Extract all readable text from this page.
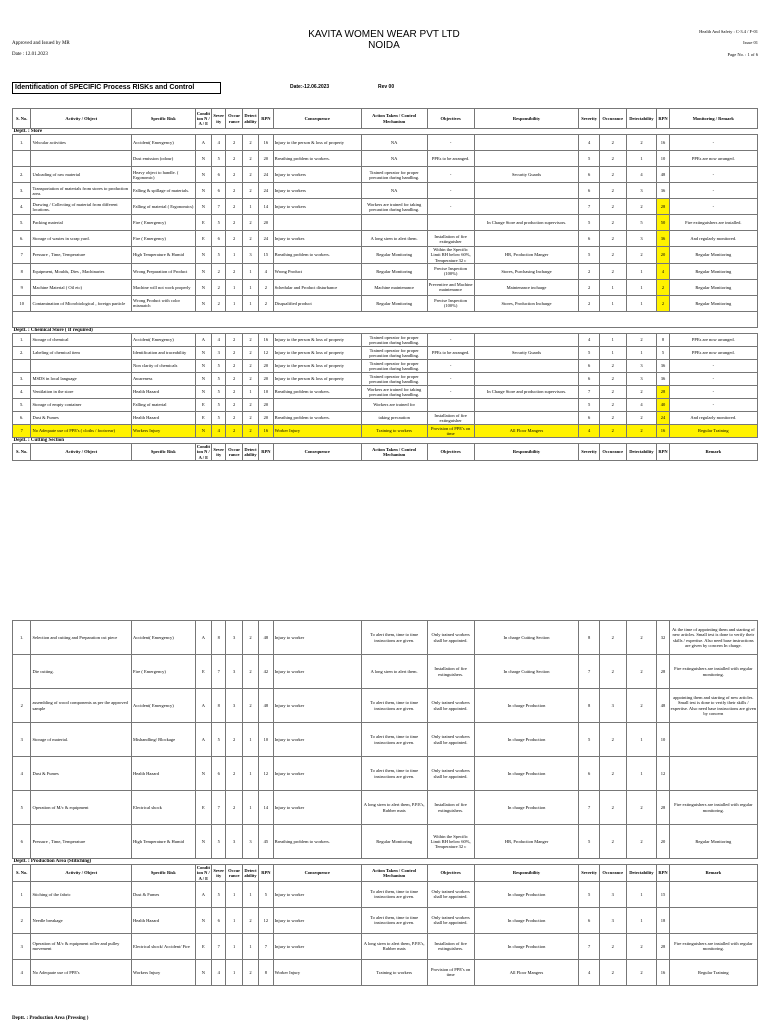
Approved and Issued by MR
Date : 12.01.2023
KAVITA WOMEN WEAR PVT LTD
NOIDA
Health And Safety : C-3.4 / F-01
Issue 01
Page No. : 1 of 6
Identification of SPECIFIC Process RISKs and Control	Date:-12.06.2023	Rev 00
S. No.	Activity / Object	Specific Risk	Condition N / A / E	Severity	Occurrance	Detectability	RPN	Consequence	Action Taken / Control Mechanism	Objectives	Responsibility	Severity	Occurance	Detectability	RPN	Monitoring / Remark
Deptt. : Store																
1.	Vehcular activities	Accident( Emergency)	A	4	2	2	16	Injury to the person & loss of property	NA	-		4	2	2	16	-
		Dust emission (odour)	N	5	2	2	20	Breathing problem to workers.	NA	PPEs to be arranged.		5	2	1	10	PPEs are now arranged.
2.	Unloading of raw material	Heavy object to handle. ( Ergonomic)	N	6	2	2	24	Injury to workers	Trained operator for proper precaution during handling.	-	Security Guards	6	2	4	48	-
3.	Transportation of materials from stores to production area.	Falling & spillage of materials.	N	6	2	2	24	Injury to workers	NA	-		6	2	3	36	-
4.	Drawing / Collecting of material from different locations.	Falling of material ( Ergonomics)	N	7	2	1	14	Injury to workers	Workers are trained for taking precaution during handling.	-		7	2	2	28	-
5.	Packing material	Fire ( Emergency)	E	5	2	2	20				In Charge Store and production supervisors.	5	2	5	50	Fire extinguishers are installed.
6.	Storage of wastes in scrap yard.	Fire ( Emergency)	E	6	2	2	24	Injury to worker.	A long siren to alert them.	Installation of fire extinguisher		6	2	3	36	And regularly monitored.
7	Pressure , Time, Temperature	High Temperature & Humid	N	5	1	3	15	Breathing problem to workers.	Regular Monitoring	Within the Specific Limit RH below 60%, Temperature 32 c	HR, Production Manger	5	2	2	20	Regular Monitoring
8	Equipment, Moulds, Dies , Machinaries	Wrong Preparation of Product	N	2	2	1	4	Wrong Product	Regular Monitoring	Precise Inspection (100%)	Stores, Purchasing Incharge	2	2	1	4	Regular Monitoring
9	Machine Material ( Oil etc)	Machine will not work properly	N	2	1	1	2	Schedular and Product disturbance	Machine maintenance	Preventive and Machine maintenance	Maintenance incharge	2	1	1	2	Regular Monitoring
10	Contamination of Microbiological , foreign particle	Wrong Product with color mismatch	N	2	1	1	2	Disqualified product	Regular Monitoring	Precise Inspection (100%)	Stores, Production Incharge	2	1	1	2	Regular Monitoring

Deptt. : Chemical Store ( If required)																
1.	Storage of chemical	Accident( Emergency)	A	4	2	2	16	Injury to the person & loss of property	Trained operator for proper precaution during handling.	-		4	1	2	8	PPEs are now arranged.
2.	Labeling of chemical item	Identification and traceability	N	3	2	2	12	Injury to the person & loss of property	Trained operator for proper precaution during handling.	PPEs to be arranged.	Security Guards	5	1	1	5	PPEs are now arranged.
		Non clarity of chemicals	N	5	2	2	20	Injury to the person & loss of property	Trained operator for proper precaution during handling.	-		6	2	3	36	-
3.	MSDS in local language	Awareness	N	5	2	2	20	Injury to the person & loss of property	Trained operator for proper precaution during handling.	-		6	2	3	36	-
4.	Ventilation in the store	Health Hazard	N	5	2	1	10	Breathing problem to workers.	Workers are trained for taking precaution during handling.	-	In Charge Store and production supervisors.	7	2	2	28	-
5.	Storage of empty container	Falling of material	E	5	2	2	20		Workers are trained for			5	2	4	40	-
6.	Dust & Fumes	Health Hazard	E	5	2	2	20	Breathing problem to workers.	taking precaution	Installation of fire extinguisher		6	2	2	24	And regularly monitored.
7	No Adequate use of PPE's ( cloths / footwear)	Workers Injury	N	4	2	2	16	Worker Injury	Training to workers	Provision of PPE's on time	All Floor Mangers	4	2	2	16	Regular Training
Deptt. : Cutting Section																
S. No.	Activity / Object	Specific Risk	Condition N / A / E	Severity	Occurrance	Detectability	RPN	Consequence	Action Taken / Control Mechanism	Objectives	Responsibility	Severity	Occurance	Detectability	RPN	Remark
1.	Selection and cutting and Preparation cut piece	Accident( Emergency)	A	8	3	2	48	Injury to worker	To alert them, time to time instructions are given.	Only trained workers shall be appointed.	In charge Cutting Section	8	2	2	32	At the time of appointing them and starting of new articles. Small test is done to verify their skills / expertise. Also need base instructions are given by concern In charge.
	Die cutting.	Fire ( Emergency)	E	7	3	2	42	Injury to worker	A long siren to alert them.	Installation of fire extinguishers.	In charge Cutting Section	7	2	2	28	Fire extinguishers are installed with regular monitoring.
2	assembling of wood components as per the approved sample	Accident( Emergency)	A	8	3	2	48	Injury to worker	To alert them, time to time instructions are given.	Only trained workers shall be appointed.	In charge Production	8	3	2	48	appointing them and starting of new articles. Small test is done to verify their skills / expertise. Also need base instructions are given by concern
3	Storage of material.	Mishandling/ Blockage	A	5	2	1	10	Injury to worker	To alert them, time to time instructions are given.	Only trained workers shall be appointed.	In charge Production	5	2	1	10	
4	Dust & Fumes	Health Hazard	N	6	2	1	12	Injury to worker	To alert them, time to time instructions are given.	Only trained workers shall be appointed.	In charge Production	6	2	1	12	
5	Operation of M/c & equipment	Electrical shock	E	7	2	1	14	Injury to worker	A long siren to alert them, P.P.E's, Rubber mats	Installation of fire extinguishers.	In charge Production	7	2	2	28	Fire extinguishers are installed with regular monitoring.
6	Pressure , Time, Temperature	High Temperature & Humid	N	5	3	3	45	Breathing problem to workers.	Regular Monitoring	Within the Specific Limit RH below 60%, Temperature 32 c	HR, Production Manger	5	2	2	20	Regular Monitoring
Deptt. : Production Area (Stitiching)																
S. No.	Activity / Object	Specific Risk	Condition N / A / E	Severity	Occurrance	Detectability	RPN	Consequence	Action Taken / Control Mechanism	Objectives	Responsibility	Severity	Occurance	Detectability	RPN	Remark
1	Stiching of the fabric	Dust & Fumes	A	5	1	1	5	Injury to worker	To alert them, time to time instructions are given.	Only trained workers shall be appointed.	In charge Production	5	3	1	15	
2	Needle breakage	Health Hazard	N	6	1	2	12	Injury to worker	To alert them, time to time instructions are given.	Only trained workers shall be appointed.	In charge Production	6	3	1	18	
3	Operation of M/c & equipment roller and pulley movement	Electrical shock/ Accident/ Fire	E	7	1	1	7	Injury to worker	A long siren to alert them, P.P.E's, Rubber mats	Installation of fire extinguishers.	In charge Production	7	2	2	28	Fire extinguishers are installed with regular monitoring.
4	No Adequate use of PPE's	Workers Injury	N	4	1	2	8	Worker Injury	Training to workers	Provision of PPE's on time	All Floor Mangers	4	2	2	16	Regular Training
Deptt. : Production Area (Pressing )
